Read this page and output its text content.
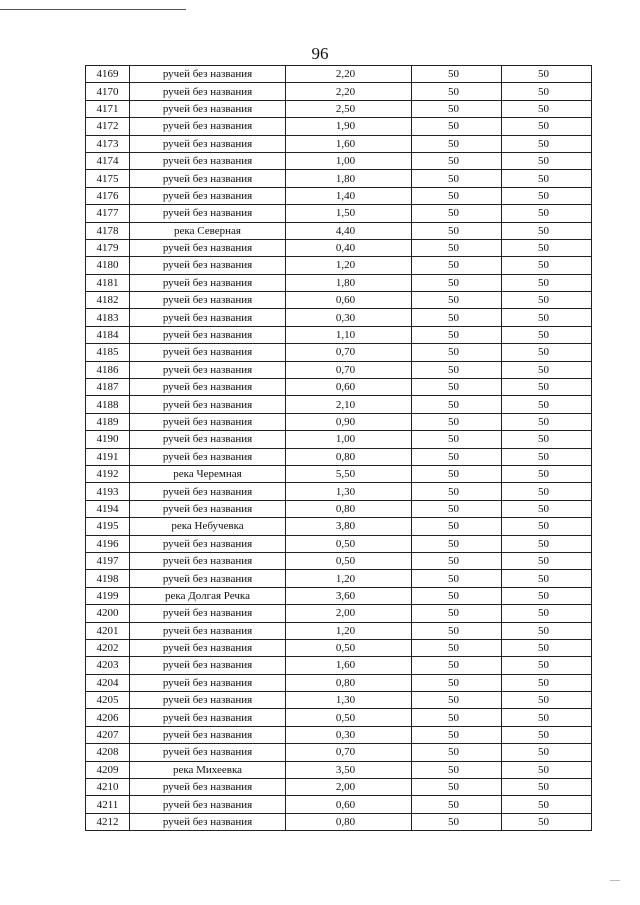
96
4169	ручей без названия	2,20	50	50
4170	ручей без названия	2,20	50	50
4171	ручей без названия	2,50	50	50
4172	ручей без названия	1,90	50	50
4173	ручей без названия	1,60	50	50
4174	ручей без названия	1,00	50	50
4175	ручей без названия	1,80	50	50
4176	ручей без названия	1,40	50	50
4177	ручей без названия	1,50	50	50
4178	река Северная	4,40	50	50
4179	ручей без названия	0,40	50	50
4180	ручей без названия	1,20	50	50
4181	ручей без названия	1,80	50	50
4182	ручей без названия	0,60	50	50
4183	ручей без названия	0,30	50	50
4184	ручей без названия	1,10	50	50
4185	ручей без названия	0,70	50	50
4186	ручей без названия	0,70	50	50
4187	ручей без названия	0,60	50	50
4188	ручей без названия	2,10	50	50
4189	ручей без названия	0,90	50	50
4190	ручей без названия	1,00	50	50
4191	ручей без названия	0,80	50	50
4192	река Черемная	5,50	50	50
4193	ручей без названия	1,30	50	50
4194	ручей без названия	0,80	50	50
4195	река Небучевка	3,80	50	50
4196	ручей без названия	0,50	50	50
4197	ручей без названия	0,50	50	50
4198	ручей без названия	1,20	50	50
4199	река Долгая Речка	3,60	50	50
4200	ручей без названия	2,00	50	50
4201	ручей без названия	1,20	50	50
4202	ручей без названия	0,50	50	50
4203	ручей без названия	1,60	50	50
4204	ручей без названия	0,80	50	50
4205	ручей без названия	1,30	50	50
4206	ручей без названия	0,50	50	50
4207	ручей без названия	0,30	50	50
4208	ручей без названия	0,70	50	50
4209	река Михеевка	3,50	50	50
4210	ручей без названия	2,00	50	50
4211	ручей без названия	0,60	50	50
4212	ручей без названия	0,80	50	50
